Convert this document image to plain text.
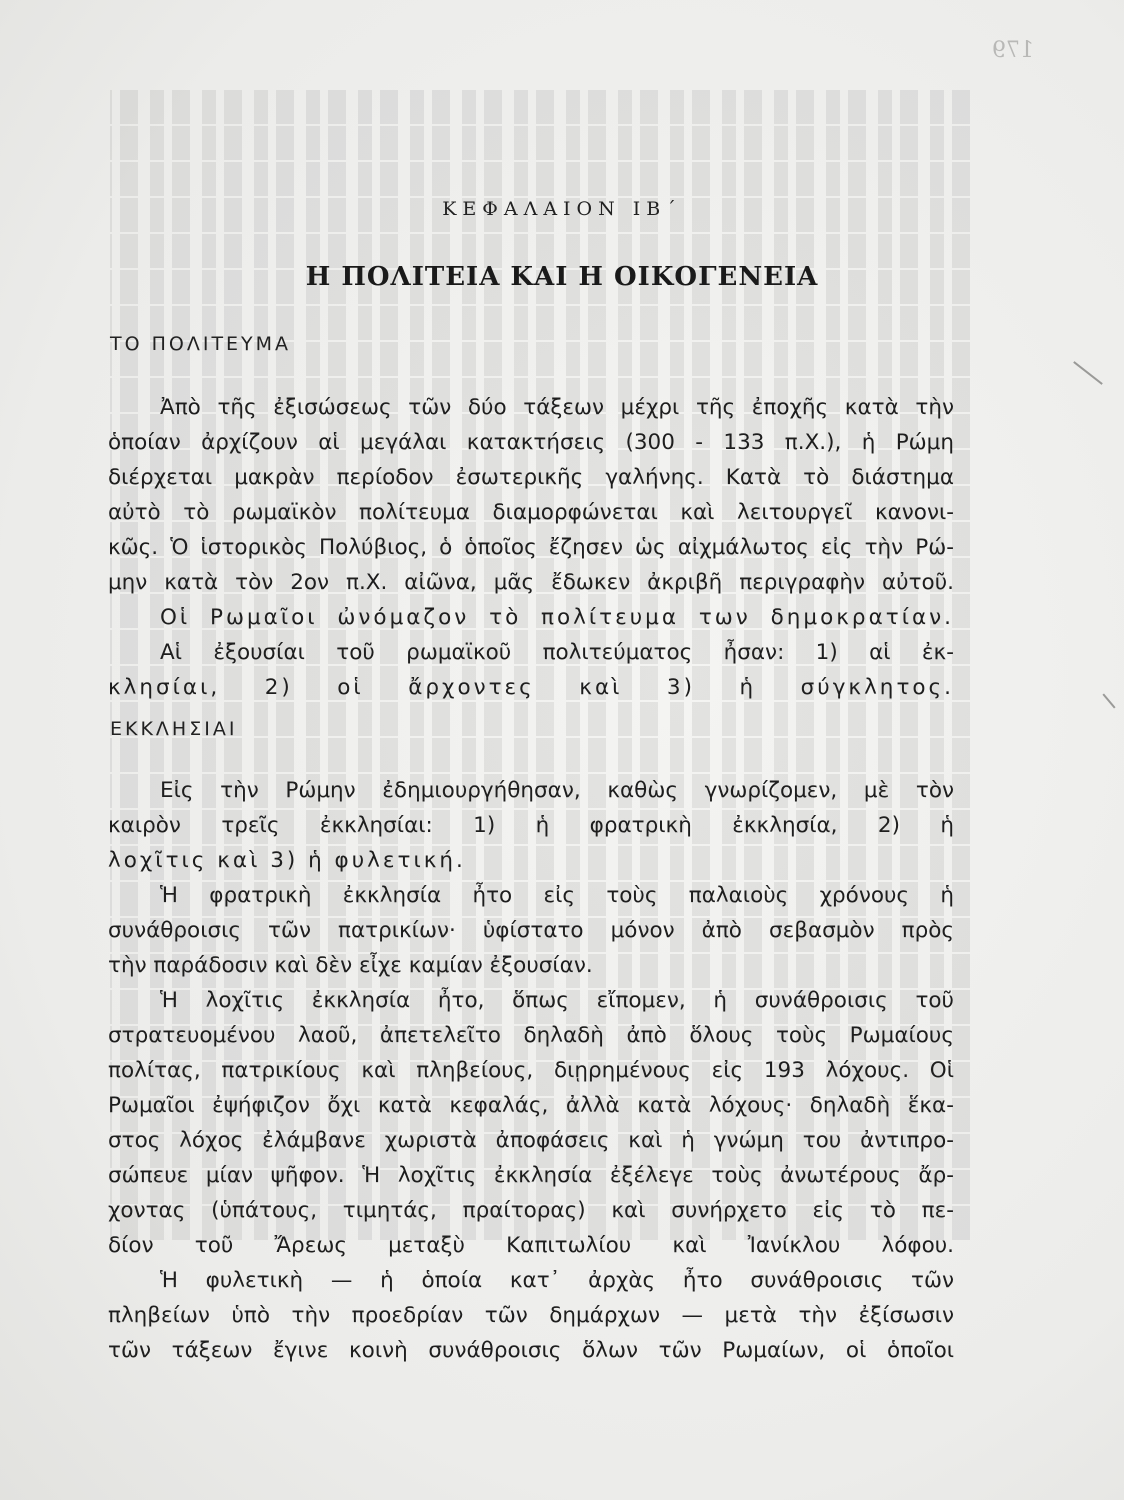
179
ΚΕΦΑΛΑΙΟΝ ΙΒ΄
Η ΠΟΛΙΤΕΙΑ ΚΑΙ Η ΟΙΚΟΓΕΝΕΙΑ
ΤΟ ΠΟΛΙΤΕΥΜΑ
Ἀπὸ τῆς ἐξισώσεως τῶν δύο τάξεων μέχρι τῆς ἐποχῆς κατὰ τὴν
ὁποίαν ἀρχίζουν αἱ μεγάλαι κατακτήσεις (300 - 133 π.Χ.), ἡ Ρώμη
διέρχεται μακρὰν περίοδον ἐσωτερικῆς γαλήνης. Κατὰ τὸ διάστημα
αὐτὸ τὸ ρωμαϊκὸν πολίτευμα διαμορφώνεται καὶ λειτουργεῖ κανονι-
κῶς. Ὁ ἱστορικὸς Πολύβιος, ὁ ὁποῖος ἔζησεν ὡς αἰχμάλωτος εἰς τὴν Ρώ-
μην κατὰ τὸν 2ον π.Χ. αἰῶνα, μᾶς ἔδωκεν ἀκριβῆ περιγραφὴν αὐτοῦ.
Οἱ Ρωμαῖοι ὠνόμαζον τὸ πολίτευμα των δημοκρατίαν.
Αἱ ἐξουσίαι τοῦ ρωμαϊκοῦ πολιτεύματος ἦσαν: 1) αἱ ἐκ-
κλησίαι, 2) οἱ ἄρχοντες καὶ 3) ἡ σύγκλητος.
ΕΚΚΛΗΣΙΑΙ
Εἰς τὴν Ρώμην ἐδημιουργήθησαν, καθὼς γνωρίζομεν, μὲ τὸν
καιρὸν τρεῖς ἐκκλησίαι: 1) ἡ φρατρικὴ ἐκκλησία, 2) ἡ
λοχῖτις καὶ 3) ἡ φυλετική.
Ἡ φρατρικὴ ἐκκλησία ἦτο εἰς τοὺς παλαιοὺς χρόνους ἡ
συνάθροισις τῶν πατρικίων· ὑφίστατο μόνον ἀπὸ σεβασμὸν πρὸς
τὴν παράδοσιν καὶ δὲν εἶχε καμίαν ἐξουσίαν.
Ἡ λοχῖτις ἐκκλησία ἦτο, ὅπως εἴπομεν, ἡ συνάθροισις τοῦ
στρατευομένου λαοῦ, ἀπετελεῖτο δηλαδὴ ἀπὸ ὅλους τοὺς Ρωμαίους
πολίτας, πατρικίους καὶ πληβείους, διῃρημένους εἰς 193 λόχους. Οἱ
Ρωμαῖοι ἐψήφιζον ὄχι κατὰ κεφαλάς, ἀλλὰ κατὰ λόχους· δηλαδὴ ἕκα-
στος λόχος ἐλάμβανε χωριστὰ ἀποφάσεις καὶ ἡ γνώμη του ἀντιπρο-
σώπευε μίαν ψῆφον. Ἡ λοχῖτις ἐκκλησία ἐξέλεγε τοὺς ἀνωτέρους ἄρ-
χοντας (ὑπάτους, τιμητάς, πραίτορας) καὶ συνήρχετο εἰς τὸ πε-
δίον τοῦ Ἄρεως μεταξὺ Καπιτωλίου καὶ Ἰανίκλου λόφου.
Ἡ φυλετικὴ — ἡ ὁποία κατ᾽ ἀρχὰς ἦτο συνάθροισις τῶν
πληβείων ὑπὸ τὴν προεδρίαν τῶν δημάρχων — μετὰ τὴν ἐξίσωσιν
τῶν τάξεων ἔγινε κοινὴ συνάθροισις ὅλων τῶν Ρωμαίων, οἱ ὁποῖοι
